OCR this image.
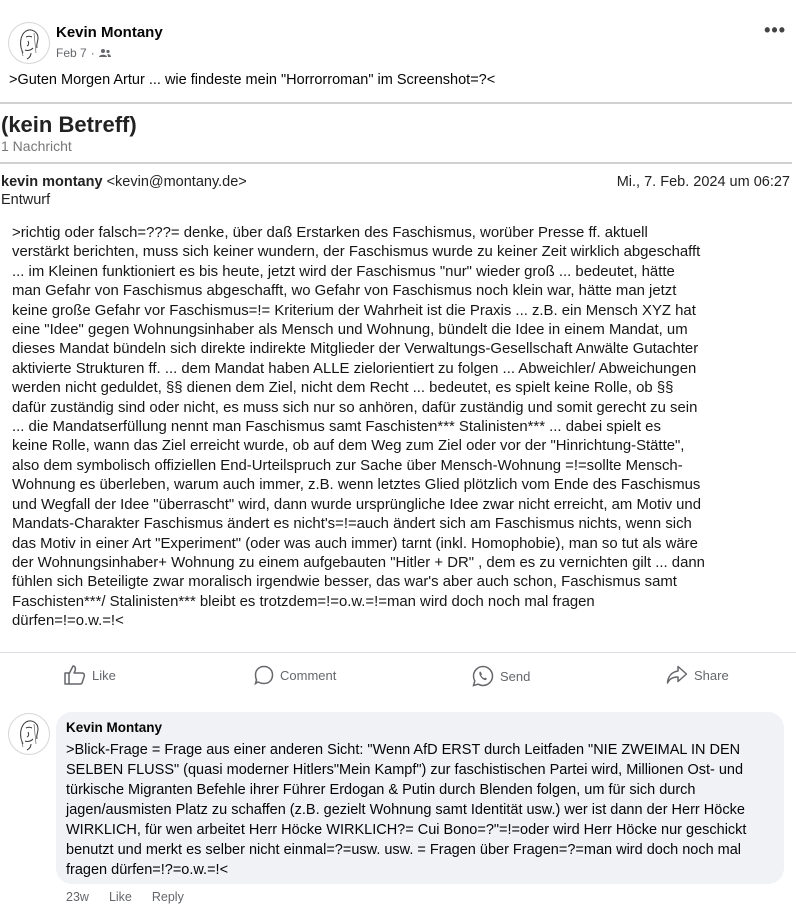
Kevin Montany
Feb 7 ·
•••
>Guten Morgen Artur ... wie findeste mein "Horrorroman" im Screenshot=?<
(kein Betreff)
1 Nachricht
kevin montany <kevin@montany.de>	Mi., 7. Feb. 2024 um 06:27
Entwurf
>richtig oder falsch=???= denke, über daß Erstarken des Faschismus, worüber Presse ff. aktuell
verstärkt berichten, muss sich keiner wundern, der Faschismus wurde zu keiner Zeit wirklich abgeschafft
... im Kleinen funktioniert es bis heute, jetzt wird der Faschismus "nur" wieder groß ... bedeutet, hätte
man Gefahr von Faschismus abgeschafft, wo Gefahr von Faschismus noch klein war, hätte man jetzt
keine große Gefahr vor Faschismus=!= Kriterium der Wahrheit ist die Praxis ... z.B. ein Mensch XYZ hat
eine "Idee" gegen Wohnungsinhaber als Mensch und Wohnung, bündelt die Idee in einem Mandat, um
dieses Mandat bündeln sich direkte indirekte Mitglieder der Verwaltungs-Gesellschaft Anwälte Gutachter
aktivierte Strukturen ff. ... dem Mandat haben ALLE zielorientiert zu folgen ... Abweichler/ Abweichungen
werden nicht geduldet, §§ dienen dem Ziel, nicht dem Recht ... bedeutet, es spielt keine Rolle, ob §§
dafür zuständig sind oder nicht, es muss sich nur so anhören, dafür zuständig und somit gerecht zu sein
... die Mandatserfüllung nennt man Faschismus samt Faschisten*** Stalinisten*** ... dabei spielt es
keine Rolle, wann das Ziel erreicht wurde, ob auf dem Weg zum Ziel oder vor der "Hinrichtung-Stätte",
also dem symbolisch offiziellen End-Urteilspruch zur Sache über Mensch-Wohnung =!=sollte Mensch-
Wohnung es überleben, warum auch immer, z.B. wenn letztes Glied plötzlich vom Ende des Faschismus
und Wegfall der Idee "überrascht" wird, dann wurde ursprüngliche Idee zwar nicht erreicht, am Motiv und
Mandats-Charakter Faschismus ändert es nicht's=!=auch ändert sich am Faschismus nichts, wenn sich
das Motiv in einer Art "Experiment" (oder was auch immer) tarnt (inkl. Homophobie), man so tut als wäre
der Wohnungsinhaber+ Wohnung zu einem aufgebauten "Hitler + DR" , dem es zu vernichten gilt ... dann
fühlen sich Beteiligte zwar moralisch irgendwie besser, das war's aber auch schon, Faschismus samt
Faschisten***/ Stalinisten*** bleibt es trotzdem=!=o.w.=!=man wird doch noch mal fragen
dürfen=!=o.w.=!<
Like	Comment	Send	Share
Kevin Montany
>Blick-Frage = Frage aus einer anderen Sicht: "Wenn AfD ERST durch Leitfaden "NIE ZWEIMAL IN DEN SELBEN FLUSS" (quasi moderner Hitlers"Mein Kampf") zur faschistischen Partei wird, Millionen Ost- und türkische Migranten Befehle ihrer Führer Erdogan & Putin durch Blenden folgen, um für sich durch jagen/ausmisten Platz zu schaffen (z.B. gezielt Wohnung samt Identität usw.) wer ist dann der Herr Höcke WIRKLICH, für wen arbeitet Herr Höcke WIRKLICH?= Cui Bono=?"=!=oder wird Herr Höcke nur geschickt benutzt und merkt es selber nicht einmal=?=usw. usw. = Fragen über Fragen=?=man wird doch noch mal fragen dürfen=!?=o.w.=!<
23w Like Reply
